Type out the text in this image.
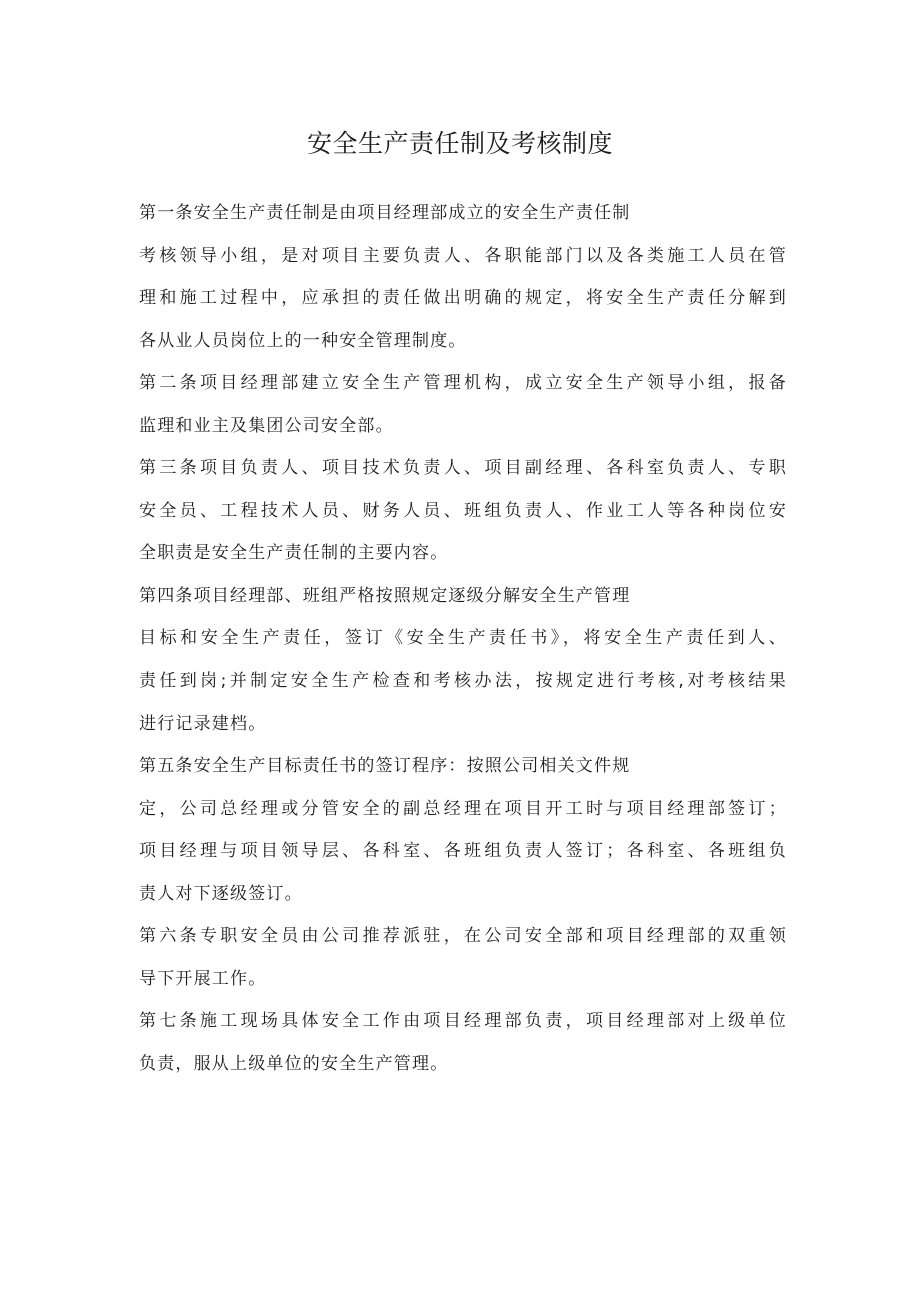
安全生产责任制及考核制度
第一条安全生产责任制是由项目经理部成立的安全生产责任制
考核领导小组，是对项目主要负责人、各职能部门以及各类施工人员在管
理和施工过程中，应承担的责任做出明确的规定，将安全生产责任分解到
各从业人员岗位上的一种安全管理制度。
第二条项目经理部建立安全生产管理机构，成立安全生产领导小组，报备
监理和业主及集团公司安全部。
第三条项目负责人、项目技术负责人、项目副经理、各科室负责人、专职
安全员、工程技术人员、财务人员、班组负责人、作业工人等各种岗位安
全职责是安全生产责任制的主要内容。
第四条项目经理部、班组严格按照规定逐级分解安全生产管理
目标和安全生产责任，签订《安全生产责任书》，将安全生产责任到人、
责任到岗;并制定安全生产检查和考核办法，按规定进行考核,对考核结果
进行记录建档。
第五条安全生产目标责任书的签订程序：按照公司相关文件规
定，公司总经理或分管安全的副总经理在项目开工时与项目经理部签订；
项目经理与项目领导层、各科室、各班组负责人签订；各科室、各班组负
责人对下逐级签订。
第六条专职安全员由公司推荐派驻，在公司安全部和项目经理部的双重领
导下开展工作。
第七条施工现场具体安全工作由项目经理部负责，项目经理部对上级单位
负责，服从上级单位的安全生产管理。
